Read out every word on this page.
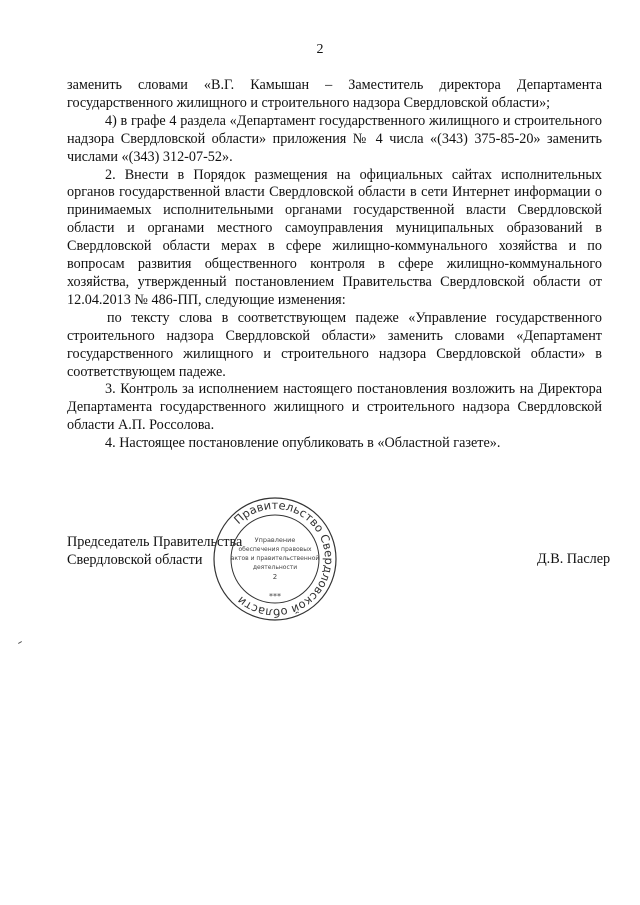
2

заменить словами «В.Г. Камышан – Заместитель директора Департамента государственного жилищного и строительного надзора Свердловской области»;

4) в графе 4 раздела «Департамент государственного жилищного и строительного надзора Свердловской области» приложения № 4 числа «(343) 375-85-20» заменить числами «(343) 312-07-52».

2. Внести в Порядок размещения на официальных сайтах исполнительных органов государственной власти Свердловской области в сети Интернет информации о принимаемых исполнительными органами государственной власти Свердловской области и органами местного самоуправления муниципальных образований в Свердловской области мерах в сфере жилищно-коммунального хозяйства и по вопросам развития общественного контроля в сфере жилищно-коммунального хозяйства, утвержденный постановлением Правительства Свердловской области от 12.04.2013 № 486-ПП, следующие изменения:

по тексту слова в соответствующем падеже «Управление государственного строительного надзора Свердловской области» заменить словами «Департамент государственного жилищного и строительного надзора Свердловской области» в соответствующем падеже.

3. Контроль за исполнением настоящего постановления возложить на Директора Департамента государственного жилищного и строительного надзора Свердловской области А.П. Россолова.

4. Настоящее постановление опубликовать в «Областной газете».

Председатель Правительства
Свердловской области	Д.В. Паслер
Правительство Свердловской области
Управление
обеспечения правовых
актов и правительственной
деятельности
2
***
